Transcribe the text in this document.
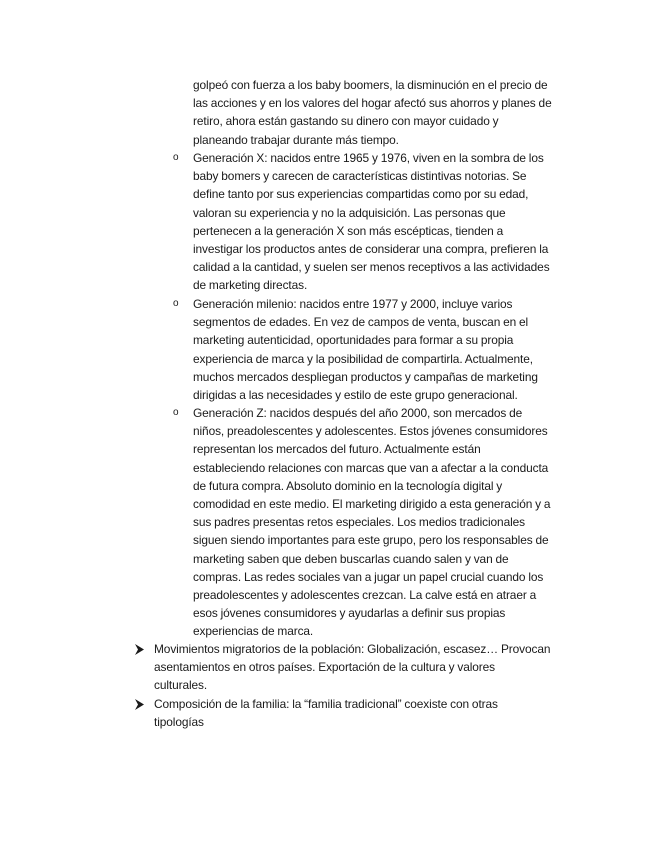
golpeó con fuerza a los baby boomers, la disminución en el precio de
las acciones y en los valores del hogar afectó sus ahorros y planes de
retiro, ahora están gastando su dinero con mayor cuidado y
planeando trabajar durante más tiempo.
o Generación X: nacidos entre 1965 y 1976, viven en la sombra de los
baby bomers y carecen de características distintivas notorias. Se
define tanto por sus experiencias compartidas como por su edad,
valoran su experiencia y no la adquisición. Las personas que
pertenecen a la generación X son más escépticas, tienden a
investigar los productos antes de considerar una compra, prefieren la
calidad a la cantidad, y suelen ser menos receptivos a las actividades
de marketing directas.
o Generación milenio: nacidos entre 1977 y 2000, incluye varios
segmentos de edades. En vez de campos de venta, buscan en el
marketing autenticidad, oportunidades para formar a su propia
experiencia de marca y la posibilidad de compartirla. Actualmente,
muchos mercados despliegan productos y campañas de marketing
dirigidas a las necesidades y estilo de este grupo generacional.
o Generación Z: nacidos después del año 2000, son mercados de
niños, preadolescentes y adolescentes. Estos jóvenes consumidores
representan los mercados del futuro. Actualmente están
estableciendo relaciones con marcas que van a afectar a la conducta
de futura compra. Absoluto dominio en la tecnología digital y
comodidad en este medio. El marketing dirigido a esta generación y a
sus padres presentas retos especiales. Los medios tradicionales
siguen siendo importantes para este grupo, pero los responsables de
marketing saben que deben buscarlas cuando salen y van de
compras. Las redes sociales van a jugar un papel crucial cuando los
preadolescentes y adolescentes crezcan. La calve está en atraer a
esos jóvenes consumidores y ayudarlas a definir sus propias
experiencias de marca.
Movimientos migratorios de la población: Globalización, escasez… Provocan
asentamientos en otros países. Exportación de la cultura y valores
culturales.
Composición de la familia: la “familia tradicional” coexiste con otras
tipologías
